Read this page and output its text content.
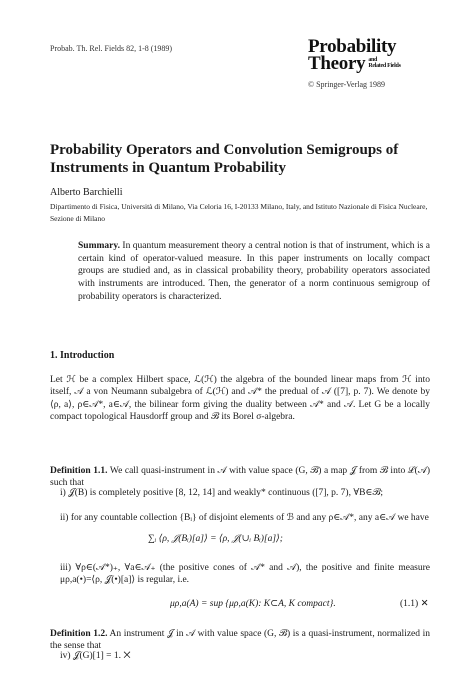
Probab. Th. Rel. Fields 82, 1-8 (1989)	Probability
Theory and
Related Fields
© Springer-Verlag 1989
Probability Operators and Convolution Semigroups of Instruments in Quantum Probability
Alberto Barchielli
Dipartimento di Fisica, Università di Milano, Via Celoria 16, I-20133 Milano, Italy, and Istituto Nazionale di Fisica Nucleare, Sezione di Milano
Summary. In quantum measurement theory a central notion is that of instrument, which is a certain kind of operator-valued measure. In this paper instruments on locally compact groups are studied and, as in classical probability theory, probability operators associated with instruments are introduced. Then, the generator of a norm continuous semigroup of probability operators is characterized.
1. Introduction
Let ℋ be a complex Hilbert space, ℒ(ℋ) the algebra of the bounded linear maps from ℋ into itself, 𝒜 a von Neumann subalgebra of ℒ(ℋ) and 𝒜* the predual of 𝒜 ([7], p. 7). We denote by ⟨ρ, a⟩, ρ∈𝒜*, a∈𝒜, the bilinear form giving the duality between 𝒜* and 𝒜. Let G be a locally compact topological Hausdorff group and ℬ its Borel σ-algebra.
Definition 1.1. We call quasi-instrument in 𝒜 with value space (G, ℬ) a map 𝒥 from ℬ into ℒ(𝒜) such that
i) 𝒥(B) is completely positive [8, 12, 14] and weakly* continuous ([7], p. 7), ∀B∈ℬ;
ii) for any countable collection {Bᵢ} of disjoint elements of ℬ and any ρ∈𝒜*, any a∈𝒜 we have
∑ᵢ ⟨ρ, 𝒥(Bᵢ)[a]⟩ = ⟨ρ, 𝒥(∪ᵢ Bᵢ)[a]⟩;
iii) ∀ρ∈(𝒜*)₊, ∀a∈𝒜₊ (the positive cones of 𝒜* and 𝒜), the positive and finite measure μρ,a(•)=⟨ρ, 𝒥(•)[a]⟩ is regular, i.e.
μρ,a(A) = sup {μρ,a(K): K⊂A, K compact}.	(1.1) ✕
Definition 1.2. An instrument 𝒥 in 𝒜 with value space (G, ℬ) is a quasi-instrument, normalized in the sense that
iv) 𝒥(G)[1] = 1. ✕
